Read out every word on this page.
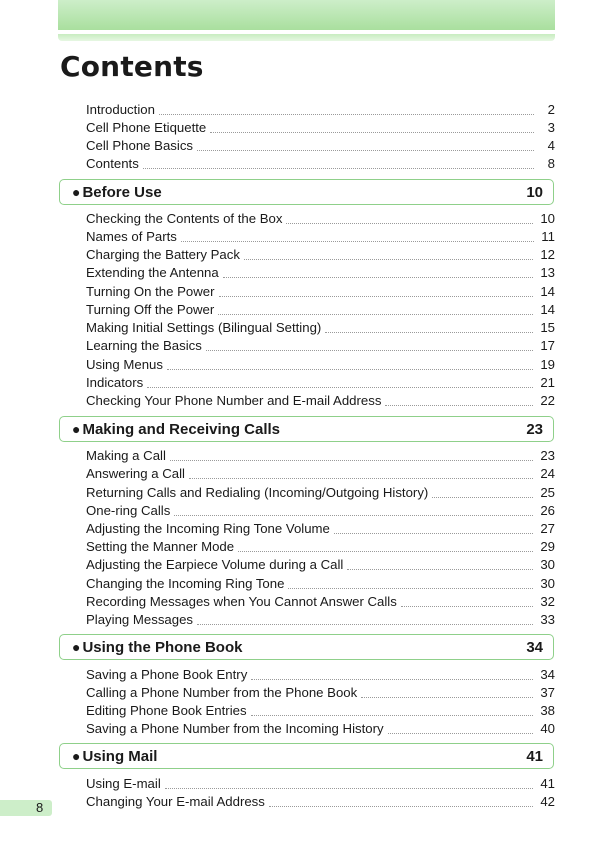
Contents
Introduction	2
Cell Phone Etiquette	3
Cell Phone Basics	4
Contents	8
● Before Use	10
Checking the Contents of the Box	10
Names of Parts	11
Charging the Battery Pack	12
Extending the Antenna	13
Turning On the Power	14
Turning Off the Power	14
Making Initial Settings (Bilingual Setting)	15
Learning the Basics	17
Using Menus	19
Indicators	21
Checking Your Phone Number and E-mail Address	22
● Making and Receiving Calls	23
Making a Call	23
Answering a Call	24
Returning Calls and Redialing (Incoming/Outgoing History)	25
One-ring Calls	26
Adjusting the Incoming Ring Tone Volume	27
Setting the Manner Mode	29
Adjusting the Earpiece Volume during a Call	30
Changing the Incoming Ring Tone	30
Recording Messages when You Cannot Answer Calls	32
Playing Messages	33
● Using the Phone Book	34
Saving a Phone Book Entry	34
Calling a Phone Number from the Phone Book	37
Editing Phone Book Entries	38
Saving a Phone Number from the Incoming History	40
● Using Mail	41
Using E-mail	41
Changing Your E-mail Address	42
8
